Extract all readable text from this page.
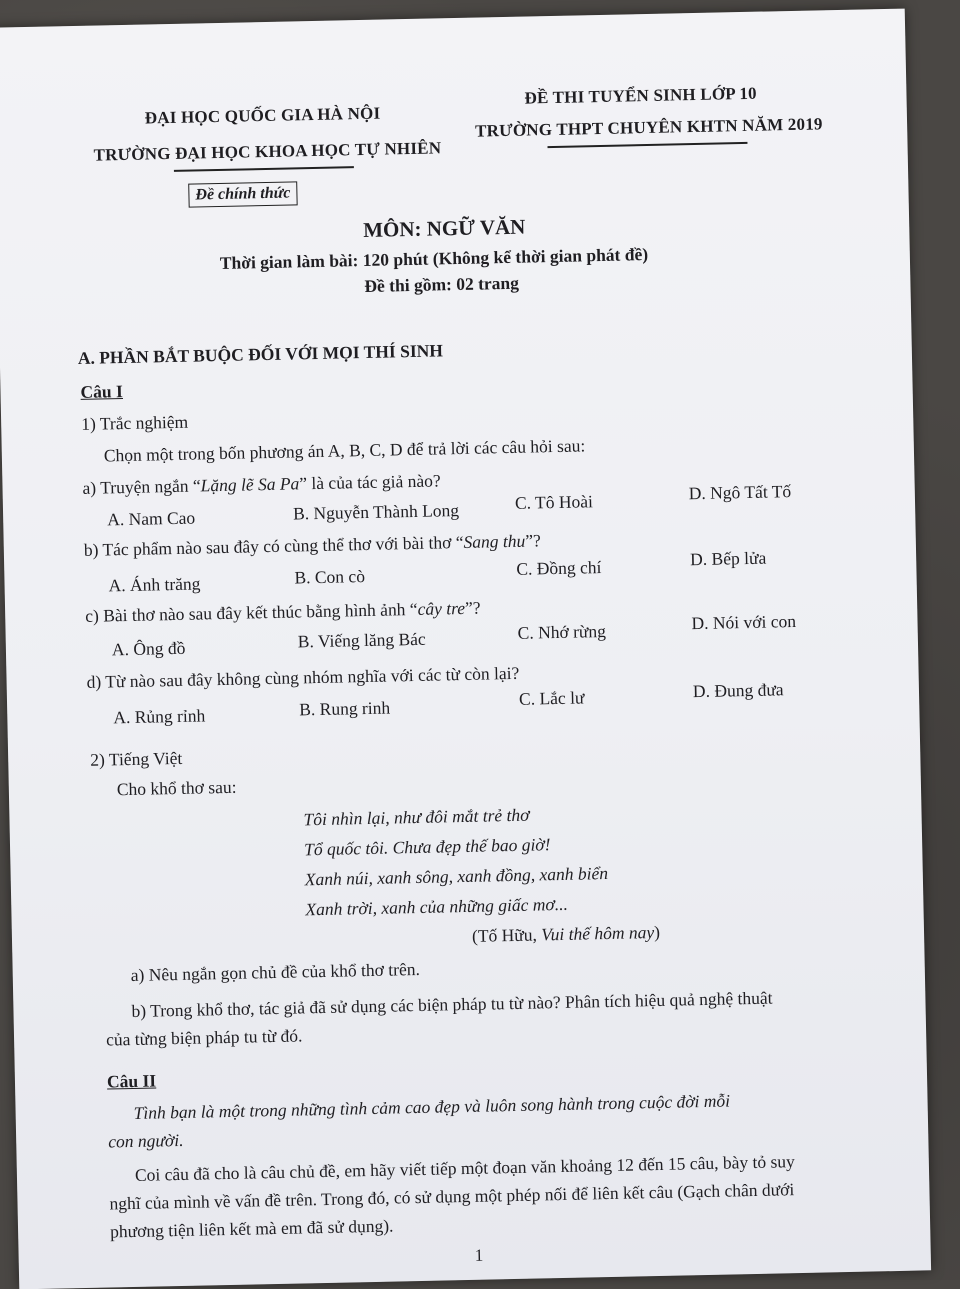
ĐẠI HỌC QUỐC GIA HÀ NỘI
TRƯỜNG ĐẠI HỌC KHOA HỌC TỰ NHIÊN
Đề chính thức
ĐỀ THI TUYỂN SINH LỚP 10
TRƯỜNG THPT CHUYÊN KHTN NĂM 2019
MÔN: NGỮ VĂN
Thời gian làm bài: 120 phút (Không kể thời gian phát đề)
Đề thi gồm: 02 trang
A. PHẦN BẮT BUỘC ĐỐI VỚI MỌI THÍ SINH
Câu I
1) Trắc nghiệm
Chọn một trong bốn phương án A, B, C, D để trả lời các câu hỏi sau:
a) Truyện ngắn “Lặng lẽ Sa Pa” là của tác giả nào?
A. Nam Cao	B. Nguyễn Thành Long	C. Tô Hoài	D. Ngô Tất Tố
b) Tác phẩm nào sau đây có cùng thể thơ với bài thơ “Sang thu”?
A. Ánh trăng	B. Con cò	C. Đồng chí	D. Bếp lửa
c) Bài thơ nào sau đây kết thúc bằng hình ảnh “cây tre”?
A. Ông đồ	B. Viếng lăng Bác	C. Nhớ rừng	D. Nói với con
d) Từ nào sau đây không cùng nhóm nghĩa với các từ còn lại?
A. Rủng rỉnh	B. Rung rinh	C. Lắc lư	D. Đung đưa
2) Tiếng Việt
Cho khổ thơ sau:
Tôi nhìn lại, như đôi mắt trẻ thơ
Tổ quốc tôi. Chưa đẹp thế bao giờ!
Xanh núi, xanh sông, xanh đồng, xanh biển
Xanh trời, xanh của những giấc mơ...
(Tố Hữu, Vui thế hôm nay)
a) Nêu ngắn gọn chủ đề của khổ thơ trên.
b) Trong khổ thơ, tác giả đã sử dụng các biện pháp tu từ nào? Phân tích hiệu quả nghệ thuật
của từng biện pháp tu từ đó.
Câu II
Tình bạn là một trong những tình cảm cao đẹp và luôn song hành trong cuộc đời mỗi
con người.
Coi câu đã cho là câu chủ đề, em hãy viết tiếp một đoạn văn khoảng 12 đến 15 câu, bày tỏ suy
nghĩ của mình về vấn đề trên. Trong đó, có sử dụng một phép nối để liên kết câu (Gạch chân dưới
phương tiện liên kết mà em đã sử dụng).
1
